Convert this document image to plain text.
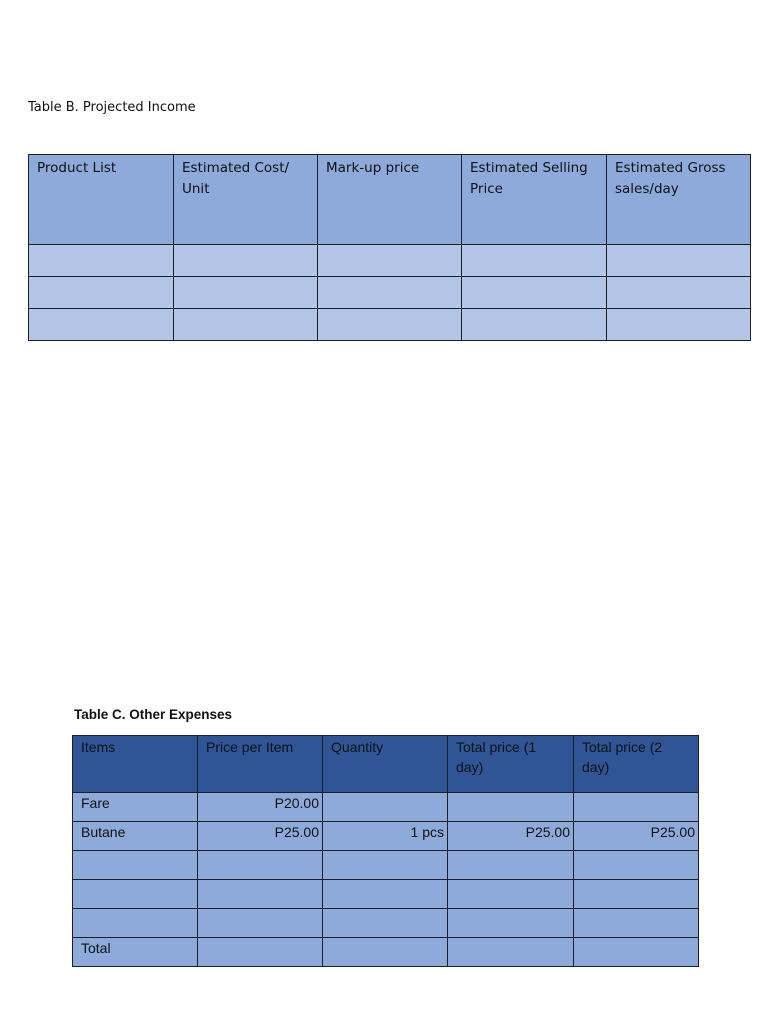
Table B. Projected Income
Product List	Estimated Cost/ Unit	Mark-up price	Estimated Selling Price	Estimated Gross sales/day

Table C. Other Expenses
Items	Price per Item	Quantity	Total price (1 day)	Total price (2 day)
Fare	P20.00			
Butane	P25.00	1 pcs	P25.00	P25.00

Total				
